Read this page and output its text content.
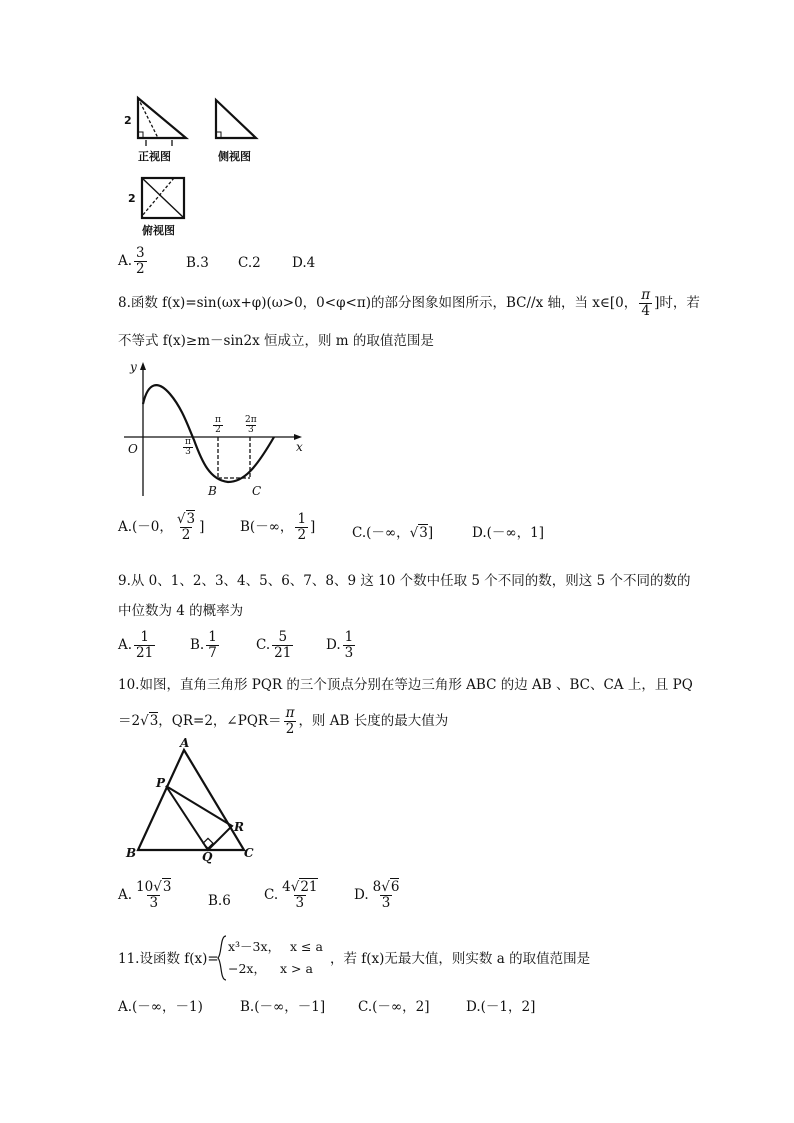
2
正视图	侧视图
2
俯视图
A. $\frac{3}{2}$	B.3 C.2 D.4
8.函数 f(x)=sin(ωx+φ)(ω>0，0<φ<π)的部分图象如图所示，BC//x 轴，当 x∈[0， $\frac{\pi}{4}$ ]时，若
不等式 f(x)≥m－sin2x 恒成立，则 m 的取值范围是
y
x
O
B	C
$\frac{\pi}{3}$
$\frac{\pi}{2} \frac{2\pi}{3}$
A.(－0， $\frac{√3}{2}$ ]	B(－∞， $\frac{1}{2}$ ]	C.(－∞，√3]	D.(－∞，1]
9.从 0、1、2、3、4、5、6、7、8、9 这 10 个数中任取 5 个不同的数，则这 5 个不同的数的
中位数为 4 的概率为
A. $\frac{1}{21}$	B. $\frac{1}{7}$	C. $\frac{5}{21} D$. $\frac{1}{3}$
10.如图，直角三角形 PQR 的三个顶点分别在等边三角形 ABC 的边 AB 、BC、CA 上，且 PQ
＝2√3，QR=2，∠PQR＝ $\frac{\pi}{2}$ ，则 AB 长度的最大值为
A
P
R
B	Q	C
A. $\frac{10√3}{3}$	B.6 C. $\frac{4√21}{3}$	D. $\frac{8√6}{3}$
11.设函数 f(x)=
x³－3x， x ≤ a
−2x， x > a
，若 f(x)无最大值，则实数 a 的取值范围是
A.(－∞，－1)	B.(－∞，－1] C.(－∞，2]	D.(－1，2]
